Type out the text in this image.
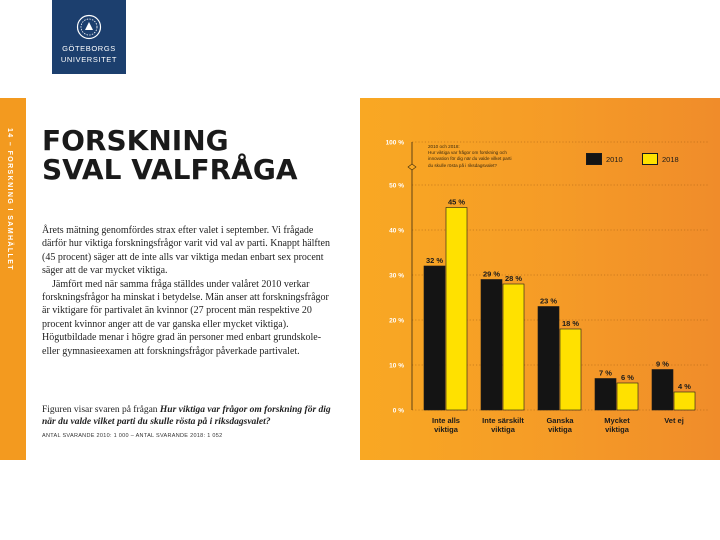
GÖTEBORGS
UNIVERSITET
14 – FORSKNING I SAMHÄLLET FORSKNING
SVAL VALFRÅGA

Årets mätning genomfördes strax efter valet i september. Vi frågade därför hur viktiga forskningsfrågor varit vid val av parti. Knappt hälften (45 procent) säger att de inte alls var viktiga medan enbart sex procent säger att de var mycket viktiga.

Jämfört med när samma fråga ställdes under valåret 2010 verkar forskningsfrågor ha minskat i betydelse. Män anser att forskningsfrågor är viktigare för partivalet än kvinnor (27 procent män respektive 20 procent kvinnor anger att de var ganska eller mycket viktiga). Högutbildade menar i högre grad än personer med enbart grundskole- eller gymnasieexamen att forskningsfrågor påverkade partivalet.

Figuren visar svaren på frågan Hur viktiga var frågor om forskning för dig när du valde vilket parti du skulle rösta på i riksdagsvalet?
ANTAL SVARANDE 2010: 1 000 – ANTAL SVARANDE 2018: 1 052
0 %
10 %
20 %
30 %
40 %
50 %
100 %
32 %
45 %
Inte alls
viktiga
29 % 28 %
Inte särskilt
viktiga
23 %
18 %
Ganska
viktiga
7 % 6 %
Mycket
viktiga
9 %
4 %
Vet ej
2010 och 2018:
Hur viktiga var frågor om forskning och
innovation för dig när du valde vilket parti
du skulle rösta på i riksdagsvalet?
2010	2018
